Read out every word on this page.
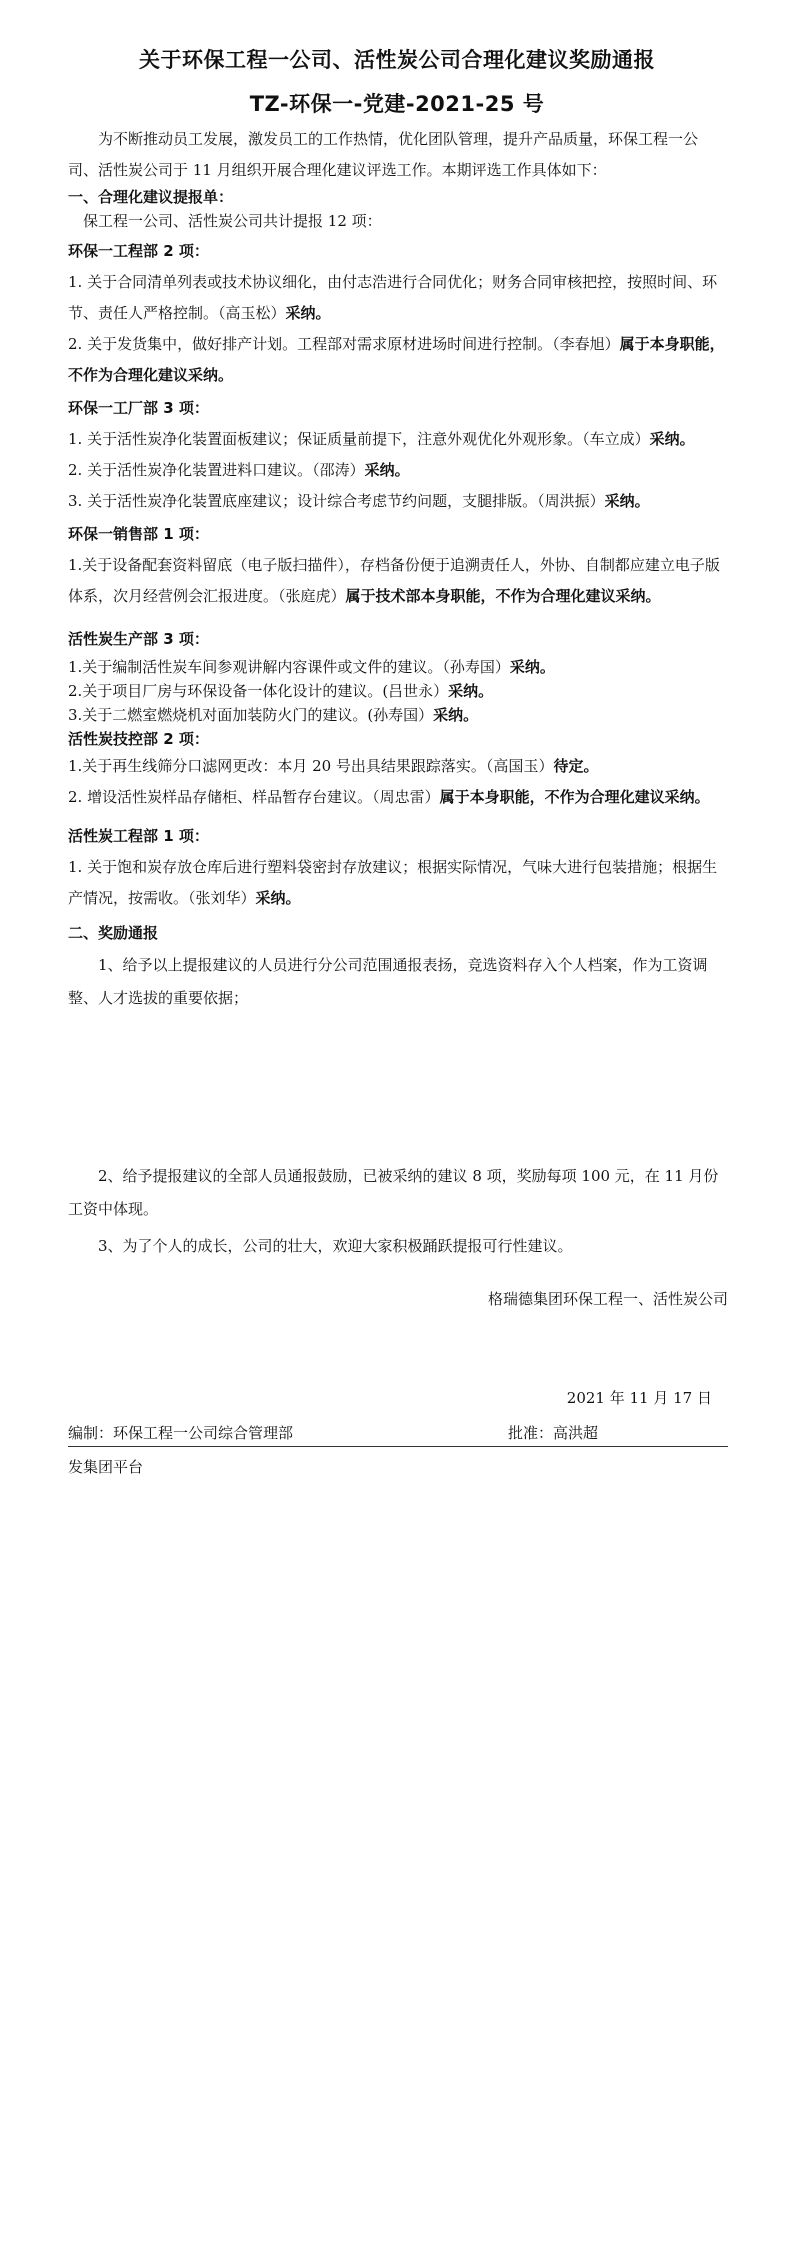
关于环保工程一公司、活性炭公司合理化建议奖励通报
TZ-环保一-党建-2021-25 号

为不断推动员工发展，激发员工的工作热情，优化团队管理，提升产品质量，环保工程一公司、活性炭公司于 11 月组织开展合理化建议评选工作。本期评选工作具体如下：

一、合理化建议提报单：

保工程一公司、活性炭公司共计提报 12 项：

环保一工程部 2 项：

1. 关于合同清单列表或技术协议细化，由付志浩进行合同优化；财务合同审核把控，按照时间、环节、责任人严格控制。（高玉松）采纳。

2. 关于发货集中，做好排产计划。工程部对需求原材进场时间进行控制。（李春旭）属于本身职能，不作为合理化建议采纳。

环保一工厂部 3 项：

1. 关于活性炭净化装置面板建议；保证质量前提下，注意外观优化外观形象。（车立成）采纳。

2. 关于活性炭净化装置进料口建议。（邵涛）采纳。

3. 关于活性炭净化装置底座建议；设计综合考虑节约问题，支腿排版。（周洪振）采纳。

环保一销售部 1 项：

1.关于设备配套资料留底（电子版扫描件），存档备份便于追溯责任人，外协、自制都应建立电子版体系，次月经营例会汇报进度。（张庭虎）属于技术部本身职能，不作为合理化建议采纳。

活性炭生产部 3 项：

1.关于编制活性炭车间参观讲解内容课件或文件的建议。（孙寿国）采纳。

2.关于项目厂房与环保设备一体化设计的建议。(吕世永）采纳。

3.关于二燃室燃烧机对面加装防火门的建议。(孙寿国）采纳。

活性炭技控部 2 项：

1.关于再生线筛分口滤网更改：本月 20 号出具结果跟踪落实。（高国玉）待定。

2. 增设活性炭样品存储柜、样品暂存台建议。（周忠雷）属于本身职能，不作为合理化建议采纳。

活性炭工程部 1 项：

1. 关于饱和炭存放仓库后进行塑料袋密封存放建议；根据实际情况，气味大进行包装措施；根据生产情况，按需收。（张刘华）采纳。

二、奖励通报

1、给予以上提报建议的人员进行分公司范围通报表扬，竞选资料存入个人档案，作为工资调整、人才选拔的重要依据；

2、给予提报建议的全部人员通报鼓励，已被采纳的建议 8 项，奖励每项 100 元，在 11 月份工资中体现。

3、为了个人的成长，公司的壮大，欢迎大家积极踊跃提报可行性建议。

格瑞德集团环保工程一、活性炭公司
2021 年 11 月 17 日
编制：环保工程一公司综合管理部	批准：高洪超
发集团平台
